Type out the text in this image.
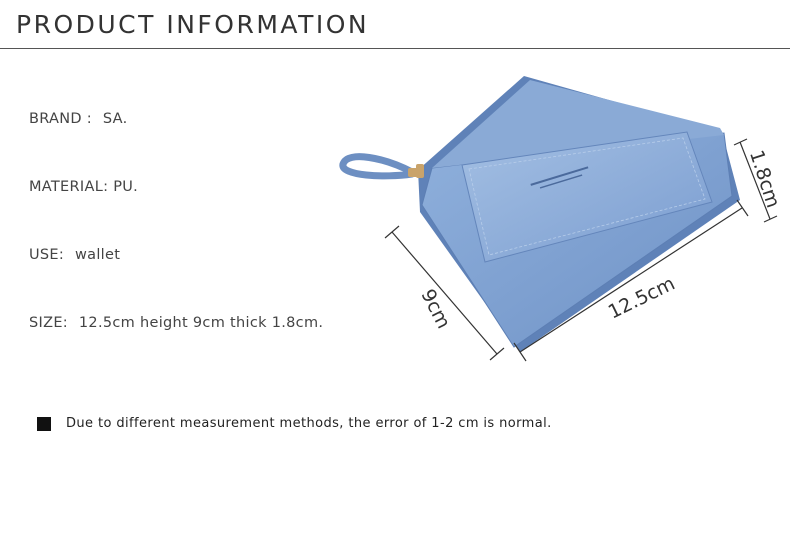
PRODUCT INFORMATION
BRAND : SA.
MATERIAL: PU.
USE: wallet
SIZE: 12.5cm height 9cm thick 1.8cm.
Due to different measurement methods, the error of 1-2 cm is normal.
12.5cm
9cm
1.8cm
